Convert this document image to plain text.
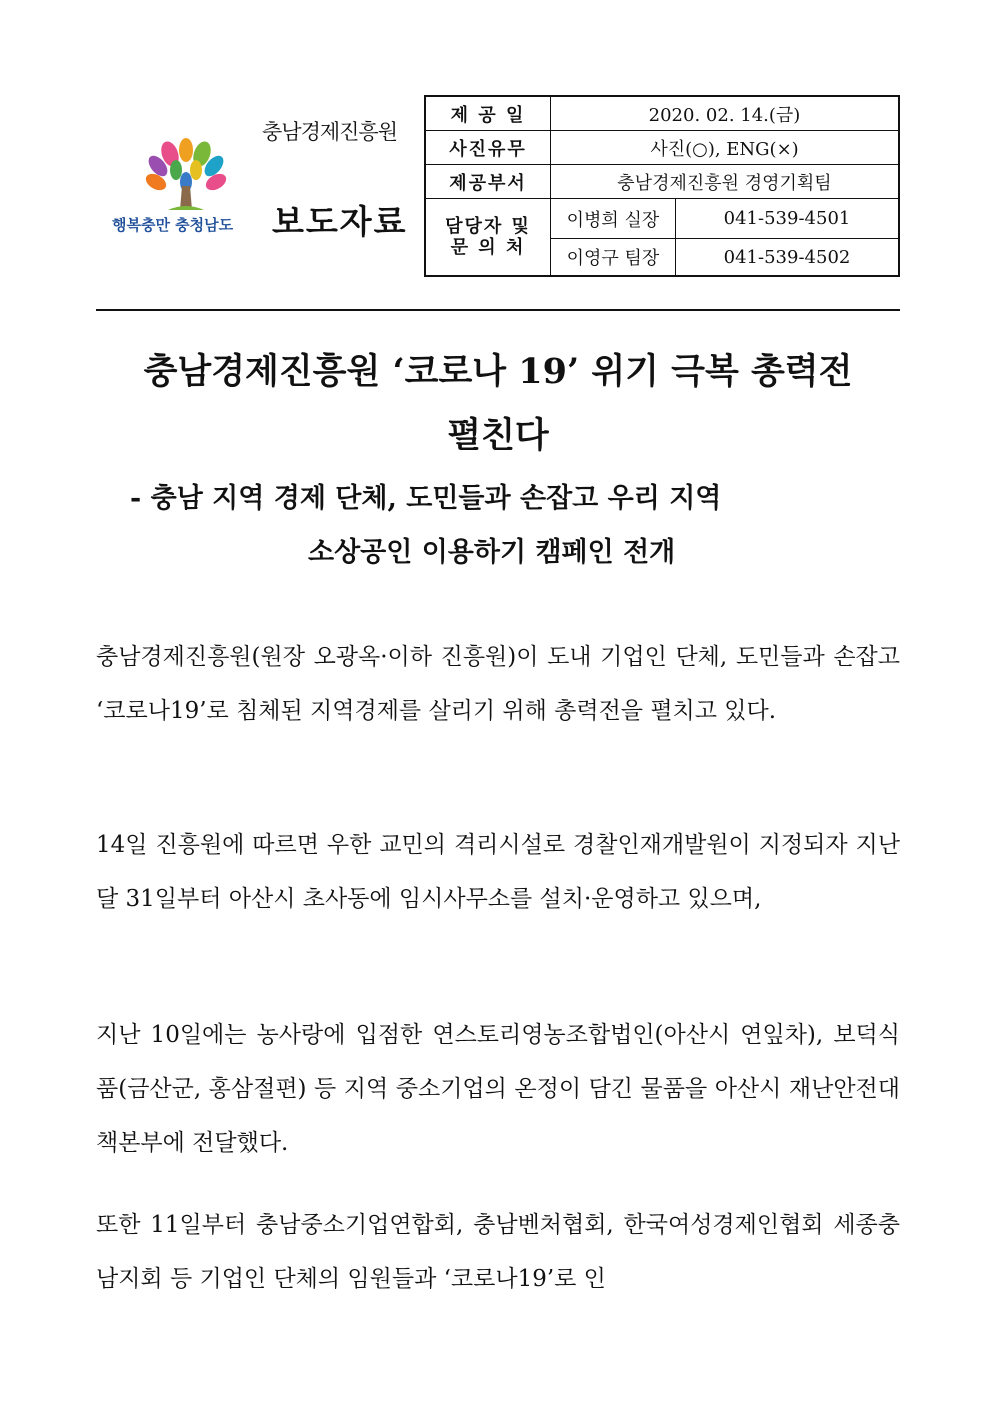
행복충만 충청남도
충남경제진흥원
보도자료
제 공 일	2020. 02. 14.(금)	
사진유무	사진(○), ENG(×)	
제공부서	충남경제진흥원 경영기획팀	
담당자 및
문 의 처	이병희 실장	041-539-4501
	이영구 팀장	041-539-4502
충남경제진흥원 ‘코로나 19’ 위기 극복 총력전
펼친다
- 충남 지역 경제 단체, 도민들과 손잡고 우리 지역
소상공인 이용하기 캠페인 전개

충남경제진흥원(원장 오광옥·이하 진흥원)이 도내 기업인 단체, 도민들과 손잡고 ‘코로나19’로 침체된 지역경제를 살리기 위해 총력전을 펼치고 있다.

14일 진흥원에 따르면 우한 교민의 격리시설로 경찰인재개발원이 지정되자 지난달 31일부터 아산시 초사동에 임시사무소를 설치·운영하고 있으며,

지난 10일에는 농사랑에 입점한 연스토리영농조합법인(아산시 연잎차), 보덕식품(금산군, 홍삼절편) 등 지역 중소기업의 온정이 담긴 물품을 아산시 재난안전대책본부에 전달했다.

또한 11일부터 충남중소기업연합회, 충남벤처협회, 한국여성경제인협회 세종충남지회 등 기업인 단체의 임원들과 ‘코로나19’로 인
